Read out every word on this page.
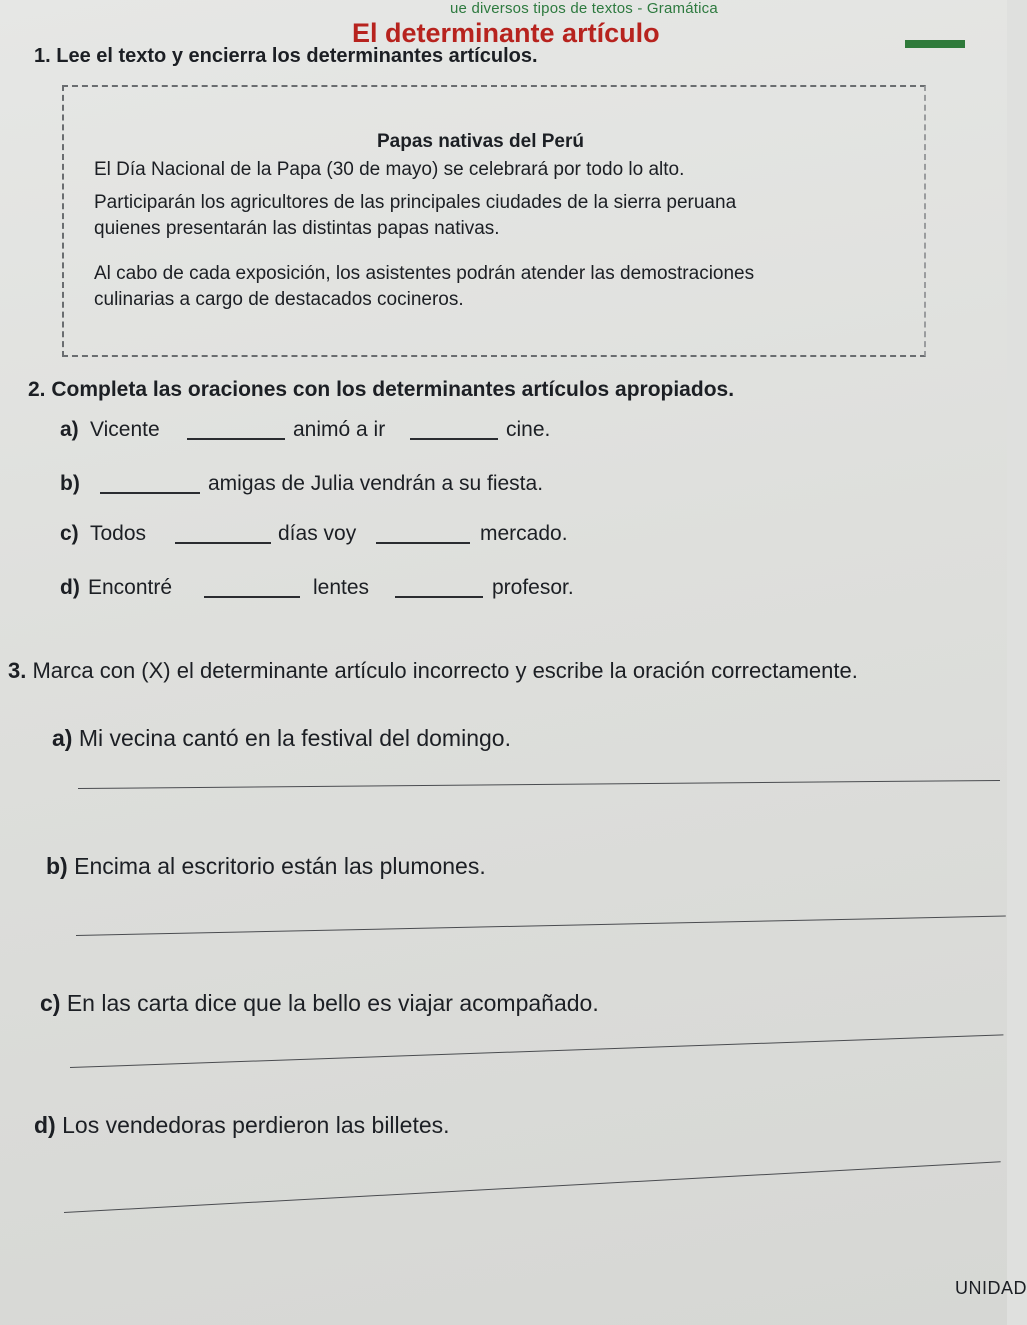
ue diversos tipos de textos - Gramática
El determinante artículo
1. Lee el texto y encierra los determinantes artículos.
Papas nativas del Perú
El Día Nacional de la Papa (30 de mayo) se celebrará por todo lo alto.
Participarán los agricultores de las principales ciudades de la sierra peruana
quienes presentarán las distintas papas nativas.
Al cabo de cada exposición, los asistentes podrán atender las demostraciones
culinarias a cargo de destacados cocineros.
2. Completa las oraciones con los determinantes artículos apropiados.
a) Vicente	animó a ir	cine.
b)	amigas de Julia vendrán a su fiesta.
c) Todos	días voy	mercado.
d) Encontré	lentes	profesor.
3. Marca con (X) el determinante artículo incorrecto y escribe la oración correctamente.
a) Mi vecina cantó en la festival del domingo.
b) Encima al escritorio están las plumones.
c) En las carta dice que la bello es viajar acompañado.
d) Los vendedoras perdieron las billetes.
UNIDAD
